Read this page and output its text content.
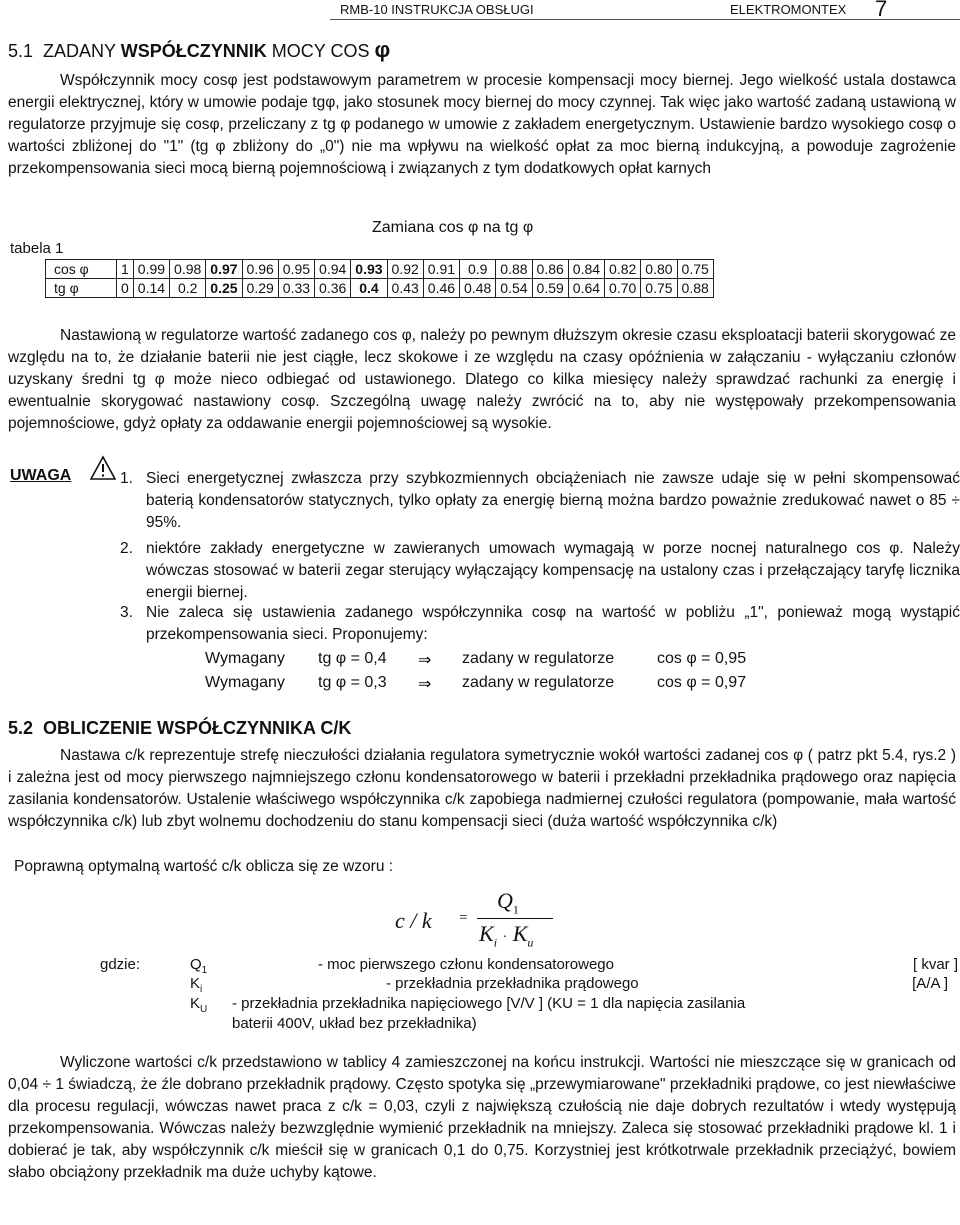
RMB-10 INSTRUKCJA OBSŁUGI	ELEKTROMONTEX 7
5.1 ZADANY WSPÓŁCZYNNIK MOCY COS φ

Współczynnik mocy cosφ jest podstawowym parametrem w procesie kompensacji mocy biernej. Jego wielkość ustala dostawca energii elektrycznej, który w umowie podaje tgφ, jako stosunek mocy biernej do mocy czynnej. Tak więc jako wartość zadaną ustawioną w regulatorze przyjmuje się cosφ, przeliczany z tg φ podanego w umowie z zakładem energetycznym. Ustawienie bardzo wysokiego cosφ o wartości zbliżonej do "1" (tg φ zbliżony do „0") nie ma wpływu na wielkość opłat za moc bierną indukcyjną, a powoduje zagrożenie przekompensowania sieci mocą bierną pojemnościową i związanych z tym dodatkowych opłat karnych

Zamiana cos φ na tg φ
tabela 1
cos φ	1	0.99	0.98	0.97	0.96	0.95	0.94	0.93	0.92	0.91	0.9	0.88	0.86	0.84	0.82	0.80	0.75
tg φ	0	0.14	0.2	0.25	0.29	0.33	0.36	0.4	0.43	0.46	0.48	0.54	0.59	0.64	0.70	0.75	0.88

Nastawioną w regulatorze wartość zadanego cos φ, należy po pewnym dłuższym okresie czasu eksploatacji baterii skorygować ze względu na to, że działanie baterii nie jest ciągłe, lecz skokowe i ze względu na czasy opóźnienia w załączaniu - wyłączaniu członów uzyskany średni tg φ może nieco odbiegać od ustawionego. Dlatego co kilka miesięcy należy sprawdzać rachunki za energię i ewentualnie skorygować nastawiony cosφ. Szczególną uwagę należy zwrócić na to, aby nie występowały przekompensowania pojemnościowe, gdyż opłaty za oddawanie energii pojemnościowej są wysokie.

UWAGA	1. Sieci energetycznej zwłaszcza przy szybkozmiennych obciążeniach nie zawsze udaje się w pełni skompensować baterią kondensatorów statycznych, tylko opłaty za energię bierną można bardzo poważnie zredukować nawet o 85 ÷ 95%.
2. niektóre zakłady energetyczne w zawieranych umowach wymagają w porze nocnej naturalnego cos φ. Należy wówczas stosować w baterii zegar sterujący wyłączający kompensację na ustalony czas i przełączający taryfę licznika energii biernej.
3. Nie zaleca się ustawienia zadanego współczynnika cosφ na wartość w pobliżu „1", ponieważ mogą wystąpić przekompensowania sieci. Proponujemy:
Wymagany tg φ = 0,4	⇒ zadany w regulatorze	cos φ = 0,95
Wymagany tg φ = 0,3	⇒ zadany w regulatorze	cos φ = 0,97
5.2 OBLICZENIE WSPÓŁCZYNNIKA C/K

Nastawa c/k reprezentuje strefę nieczułości działania regulatora symetrycznie wokół wartości zadanej cos φ ( patrz pkt 5.4, rys.2 ) i zależna jest od mocy pierwszego najmniejszego członu kondensatorowego w baterii i przekładni przekładnika prądowego oraz napięcia zasilania kondensatorów. Ustalenie właściwego współczynnika c/k zapobiega nadmiernej czułości regulatora (pompowanie, mała wartość współczynnika c/k) lub zbyt wolnemu dochodzeniu do stanu kompensacji sieci (duża wartość współczynnika c/k)

Poprawną optymalną wartość c/k oblicza się ze wzoru :

c / k =
$Q_1$
$K_i \cdot K_u$
gdzie:	$Q_1$	- moc pierwszego członu kondensatorowego	[ kvar ]
$K_i$	- przekładnia przekładnika prądowego	[A/A ]
$K_U$ - przekładnia przekładnika napięciowego [V/V ] (KU = 1 dla napięcia zasilania baterii 400V, układ bez przekładnika)

Wyliczone wartości c/k przedstawiono w tablicy 4 zamieszczonej na końcu instrukcji. Wartości nie mieszczące się w granicach od 0,04 ÷ 1 świadczą, że źle dobrano przekładnik prądowy. Często spotyka się „przewymiarowane" przekładniki prądowe, co jest niewłaściwe dla procesu regulacji, wówczas nawet praca z c/k = 0,03, czyli z największą czułością nie daje dobrych rezultatów i wtedy występują przekompensowania. Wówczas należy bezwzględnie wymienić przekładnik na mniejszy. Zaleca się stosować przekładniki prądowe kl. 1 i dobierać je tak, aby współczynnik c/k mieścił się w granicach 0,1 do 0,75. Korzystniej jest krótkotrwale przekładnik przeciążyć, bowiem słabo obciążony przekładnik ma duże uchyby kątowe.
